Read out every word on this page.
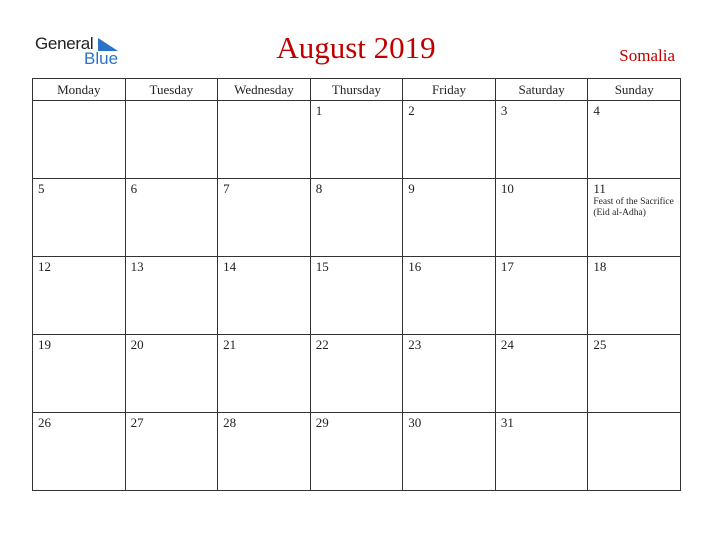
General
Blue	August 2019	Somalia
Monday	Tuesday	Wednesday	Thursday	Friday	Saturday	Sunday

			1	2	3	4

5	6	7	8	9	10	11
Feast of the Sacrifice (Eid al-Adha)

12	13	14	15	16	17	18

19	20	21	22	23	24	25

26	27	28	29	30	31	
